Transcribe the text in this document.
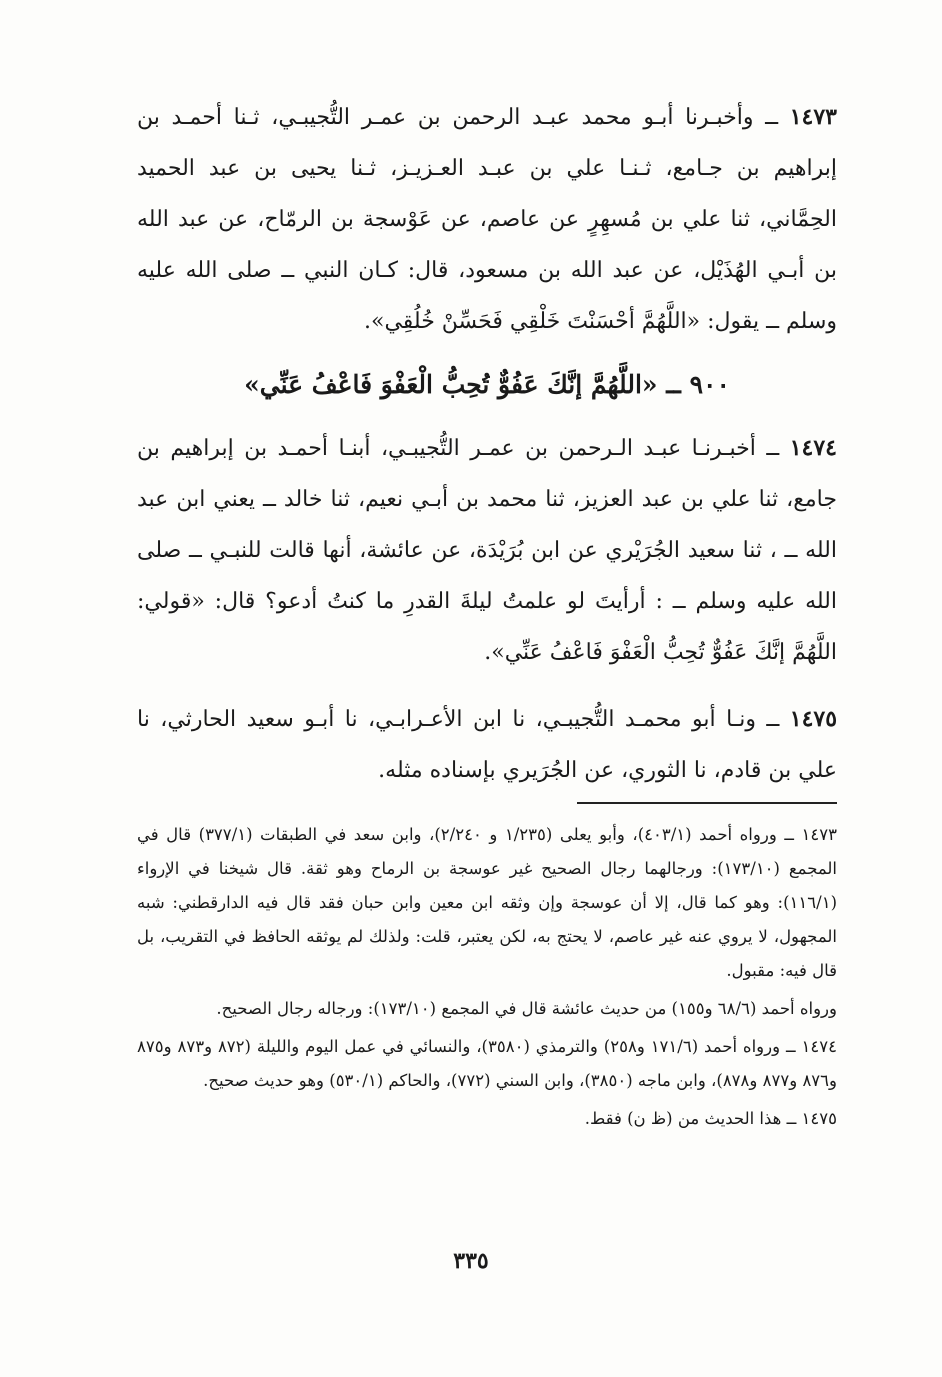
١٤٧٣ ــ وأخبـرنا أبـو محمد عبـد الرحمن بن عمـر التُّجيبـي، ثـنا أحمـد بن إبراهيم بن جـامع، ثـنـا علي بن عبـد العـزيـز، ثـنا يحيى بن عبد الحميد الحِمَّاني، ثنا علي بن مُسهِرٍ عن عاصم، عن عَوْسجة بن الرمّاح، عن عبد الله بن أبـي الهُذَيْل، عن عبد الله بن مسعود، قال: كـان النبي ــ صلى الله عليه وسلم ــ يقول: «اللَّهُمَّ أحْسَنْتَ خَلْقِي فَحَسِّنْ خُلُقِي».

٩٠٠ ــ «اللَّهُمَّ إنَّكَ عَفُوٌّ تُحِبُّ الْعَفْوَ فَاعْفُ عَنِّي»

١٤٧٤ ــ أخبـرنـا عبـد الـرحمن بن عمـر التُّجيبـي، أبنـا أحمـد بن إبراهيم بن جامع، ثنا علي بن عبد العزيز، ثنا محمد بن أبـي نعيم، ثنا خالد ــ يعني ابن عبد الله ــ ، ثنا سعيد الجُرَيْري عن ابن بُرَيْدَة، عن عائشة، أنها قالت للنبـي ــ صلى الله عليه وسلم ــ : أرأيتَ لو علمتُ ليلةَ القدرِ ما كنتُ أدعو؟ قال: «قولي: اللَّهُمَّ إنَّكَ عَفُوٌّ تُحِبُّ الْعَفْوَ فَاعْفُ عَنِّي».

١٤٧٥ ــ ونـا أبو محمـد التُّجيبـي، نا ابن الأعـرابـي، نا أبـو سعيد الحارثي، نا علي بن قادم، نا الثوري، عن الجُرَيري بإسناده مثله.

١٤٧٣ ــ ورواه أحمد (٤٠٣/١)، وأبو يعلى (١/٢٣٥ و ٢/٢٤٠)، وابن سعد في الطبقات (٣٧٧/١) قال في المجمع (١٧٣/١٠): ورجالهما رجال الصحيح غير عوسجة بن الرماح وهو ثقة. قال شيخنا في الإرواء (١١٦/١): وهو كما قال، إلا أن عوسجة وإن وثقه ابن معين وابن حبان فقد قال فيه الدارقطني: شبه المجهول، لا يروي عنه غير عاصم، لا يحتج به، لكن يعتبر، قلت: ولذلك لم يوثقه الحافظ في التقريب، بل قال فيه: مقبول.

ورواه أحمد (٦٨/٦ و١٥٥) من حديث عائشة قال في المجمع (١٧٣/١٠): ورجاله رجال الصحيح.

١٤٧٤ ــ ورواه أحمد (١٧١/٦ و٢٥٨) والترمذي (٣٥٨٠)، والنسائي في عمل اليوم والليلة (٨٧٢ و٨٧٣ و٨٧٥ و٨٧٦ و٨٧٧ و٨٧٨)، وابن ماجه (٣٨٥٠)، وابن السني (٧٧٢)، والحاكم (٥٣٠/١) وهو حديث صحيح.

١٤٧٥ ــ هذا الحديث من (ظ ن) فقط.

٣٣٥
